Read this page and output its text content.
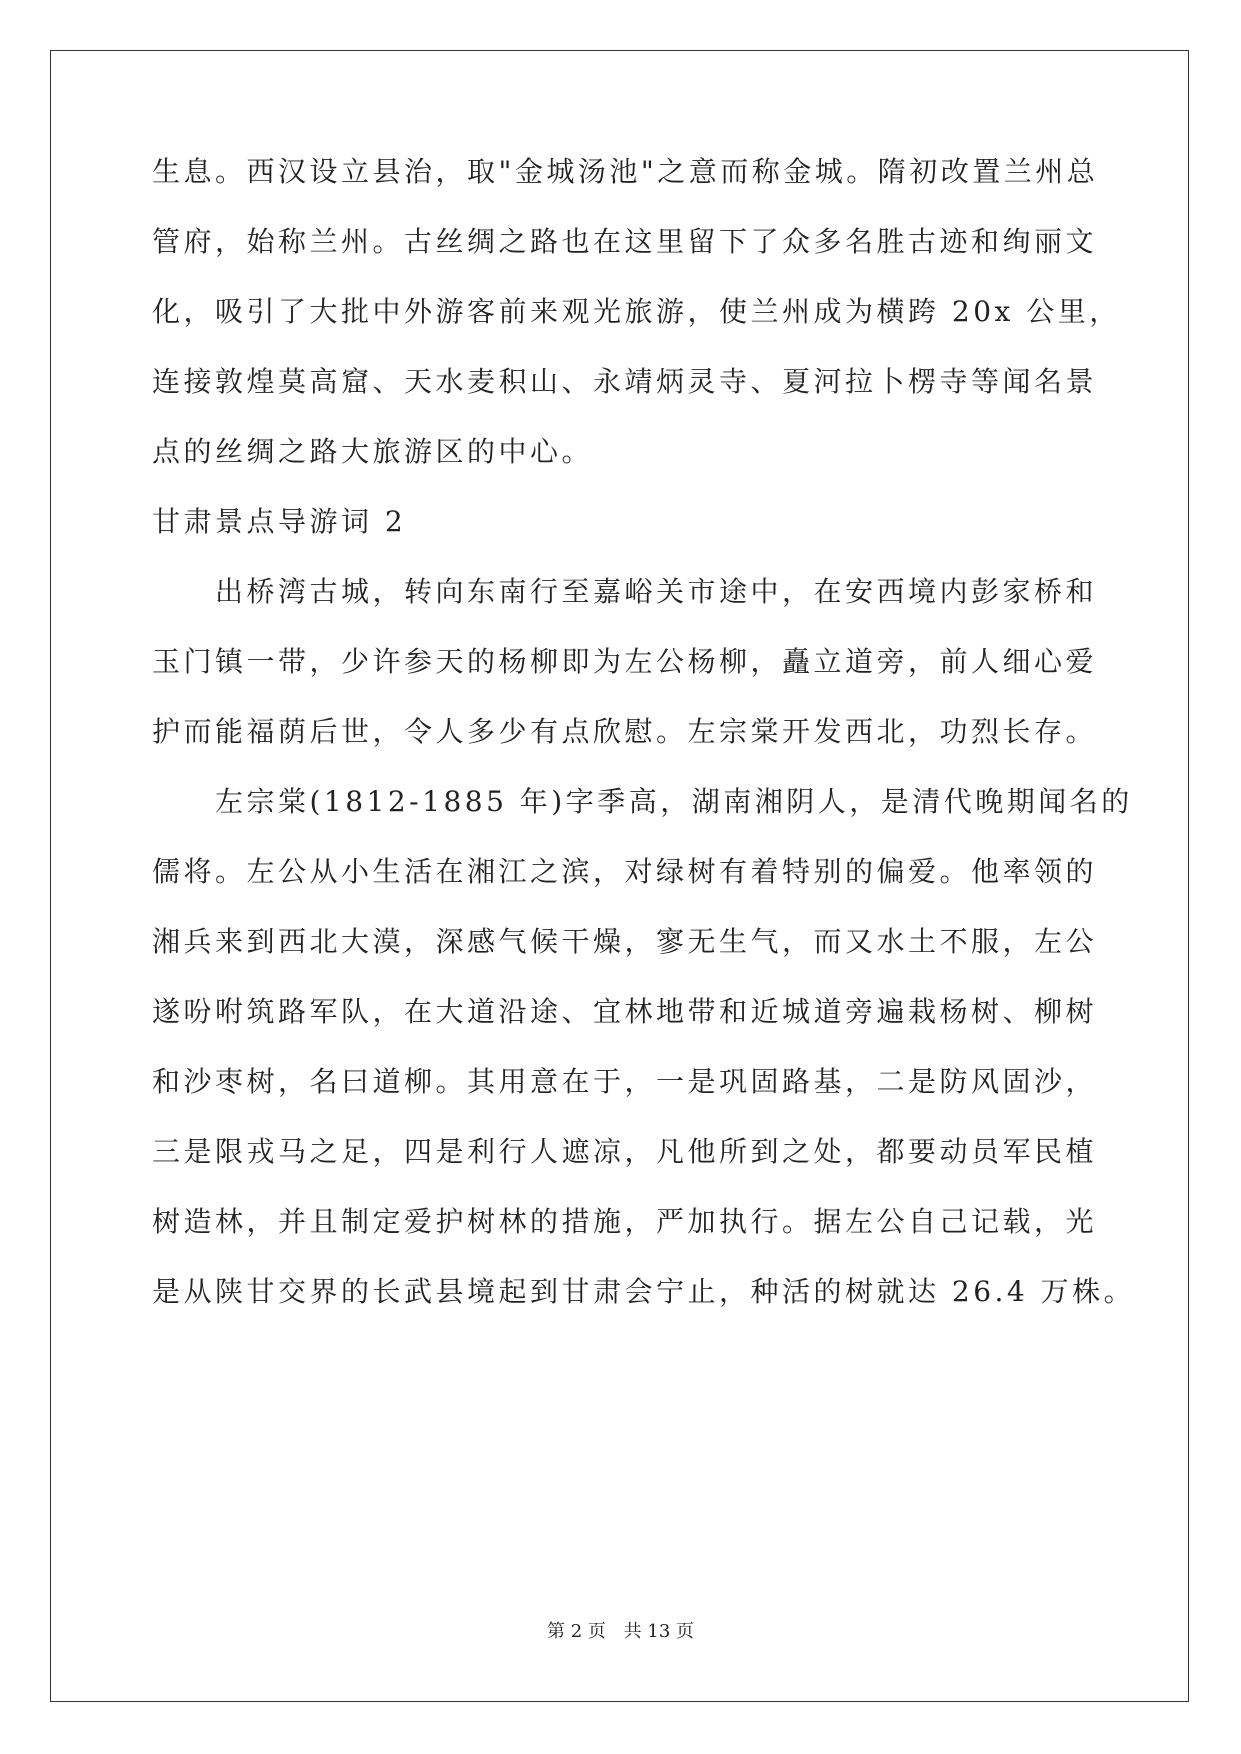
生息。西汉设立县治，取"金城汤池"之意而称金城。隋初改置兰州总
管府，始称兰州。古丝绸之路也在这里留下了众多名胜古迹和绚丽文
化，吸引了大批中外游客前来观光旅游，使兰州成为横跨 20x 公里，
连接敦煌莫高窟、天水麦积山、永靖炳灵寺、夏河拉卜楞寺等闻名景
点的丝绸之路大旅游区的中心。
甘肃景点导游词 2
出桥湾古城，转向东南行至嘉峪关市途中，在安西境内彭家桥和
玉门镇一带，少许参天的杨柳即为左公杨柳，矗立道旁，前人细心爱
护而能福荫后世，令人多少有点欣慰。左宗棠开发西北，功烈长存。
左宗棠(1812-1885 年)字季高，湖南湘阴人，是清代晚期闻名的
儒将。左公从小生活在湘江之滨，对绿树有着特别的偏爱。他率领的
湘兵来到西北大漠，深感气候干燥，寥无生气，而又水土不服，左公
遂吩咐筑路军队，在大道沿途、宜林地带和近城道旁遍栽杨树、柳树
和沙枣树，名曰道柳。其用意在于，一是巩固路基，二是防风固沙，
三是限戎马之足，四是利行人遮凉，凡他所到之处，都要动员军民植
树造林，并且制定爱护树林的措施，严加执行。据左公自己记载，光
是从陕甘交界的长武县境起到甘肃会宁止，种活的树就达 26.4 万株。
第 2 页 共 13 页
